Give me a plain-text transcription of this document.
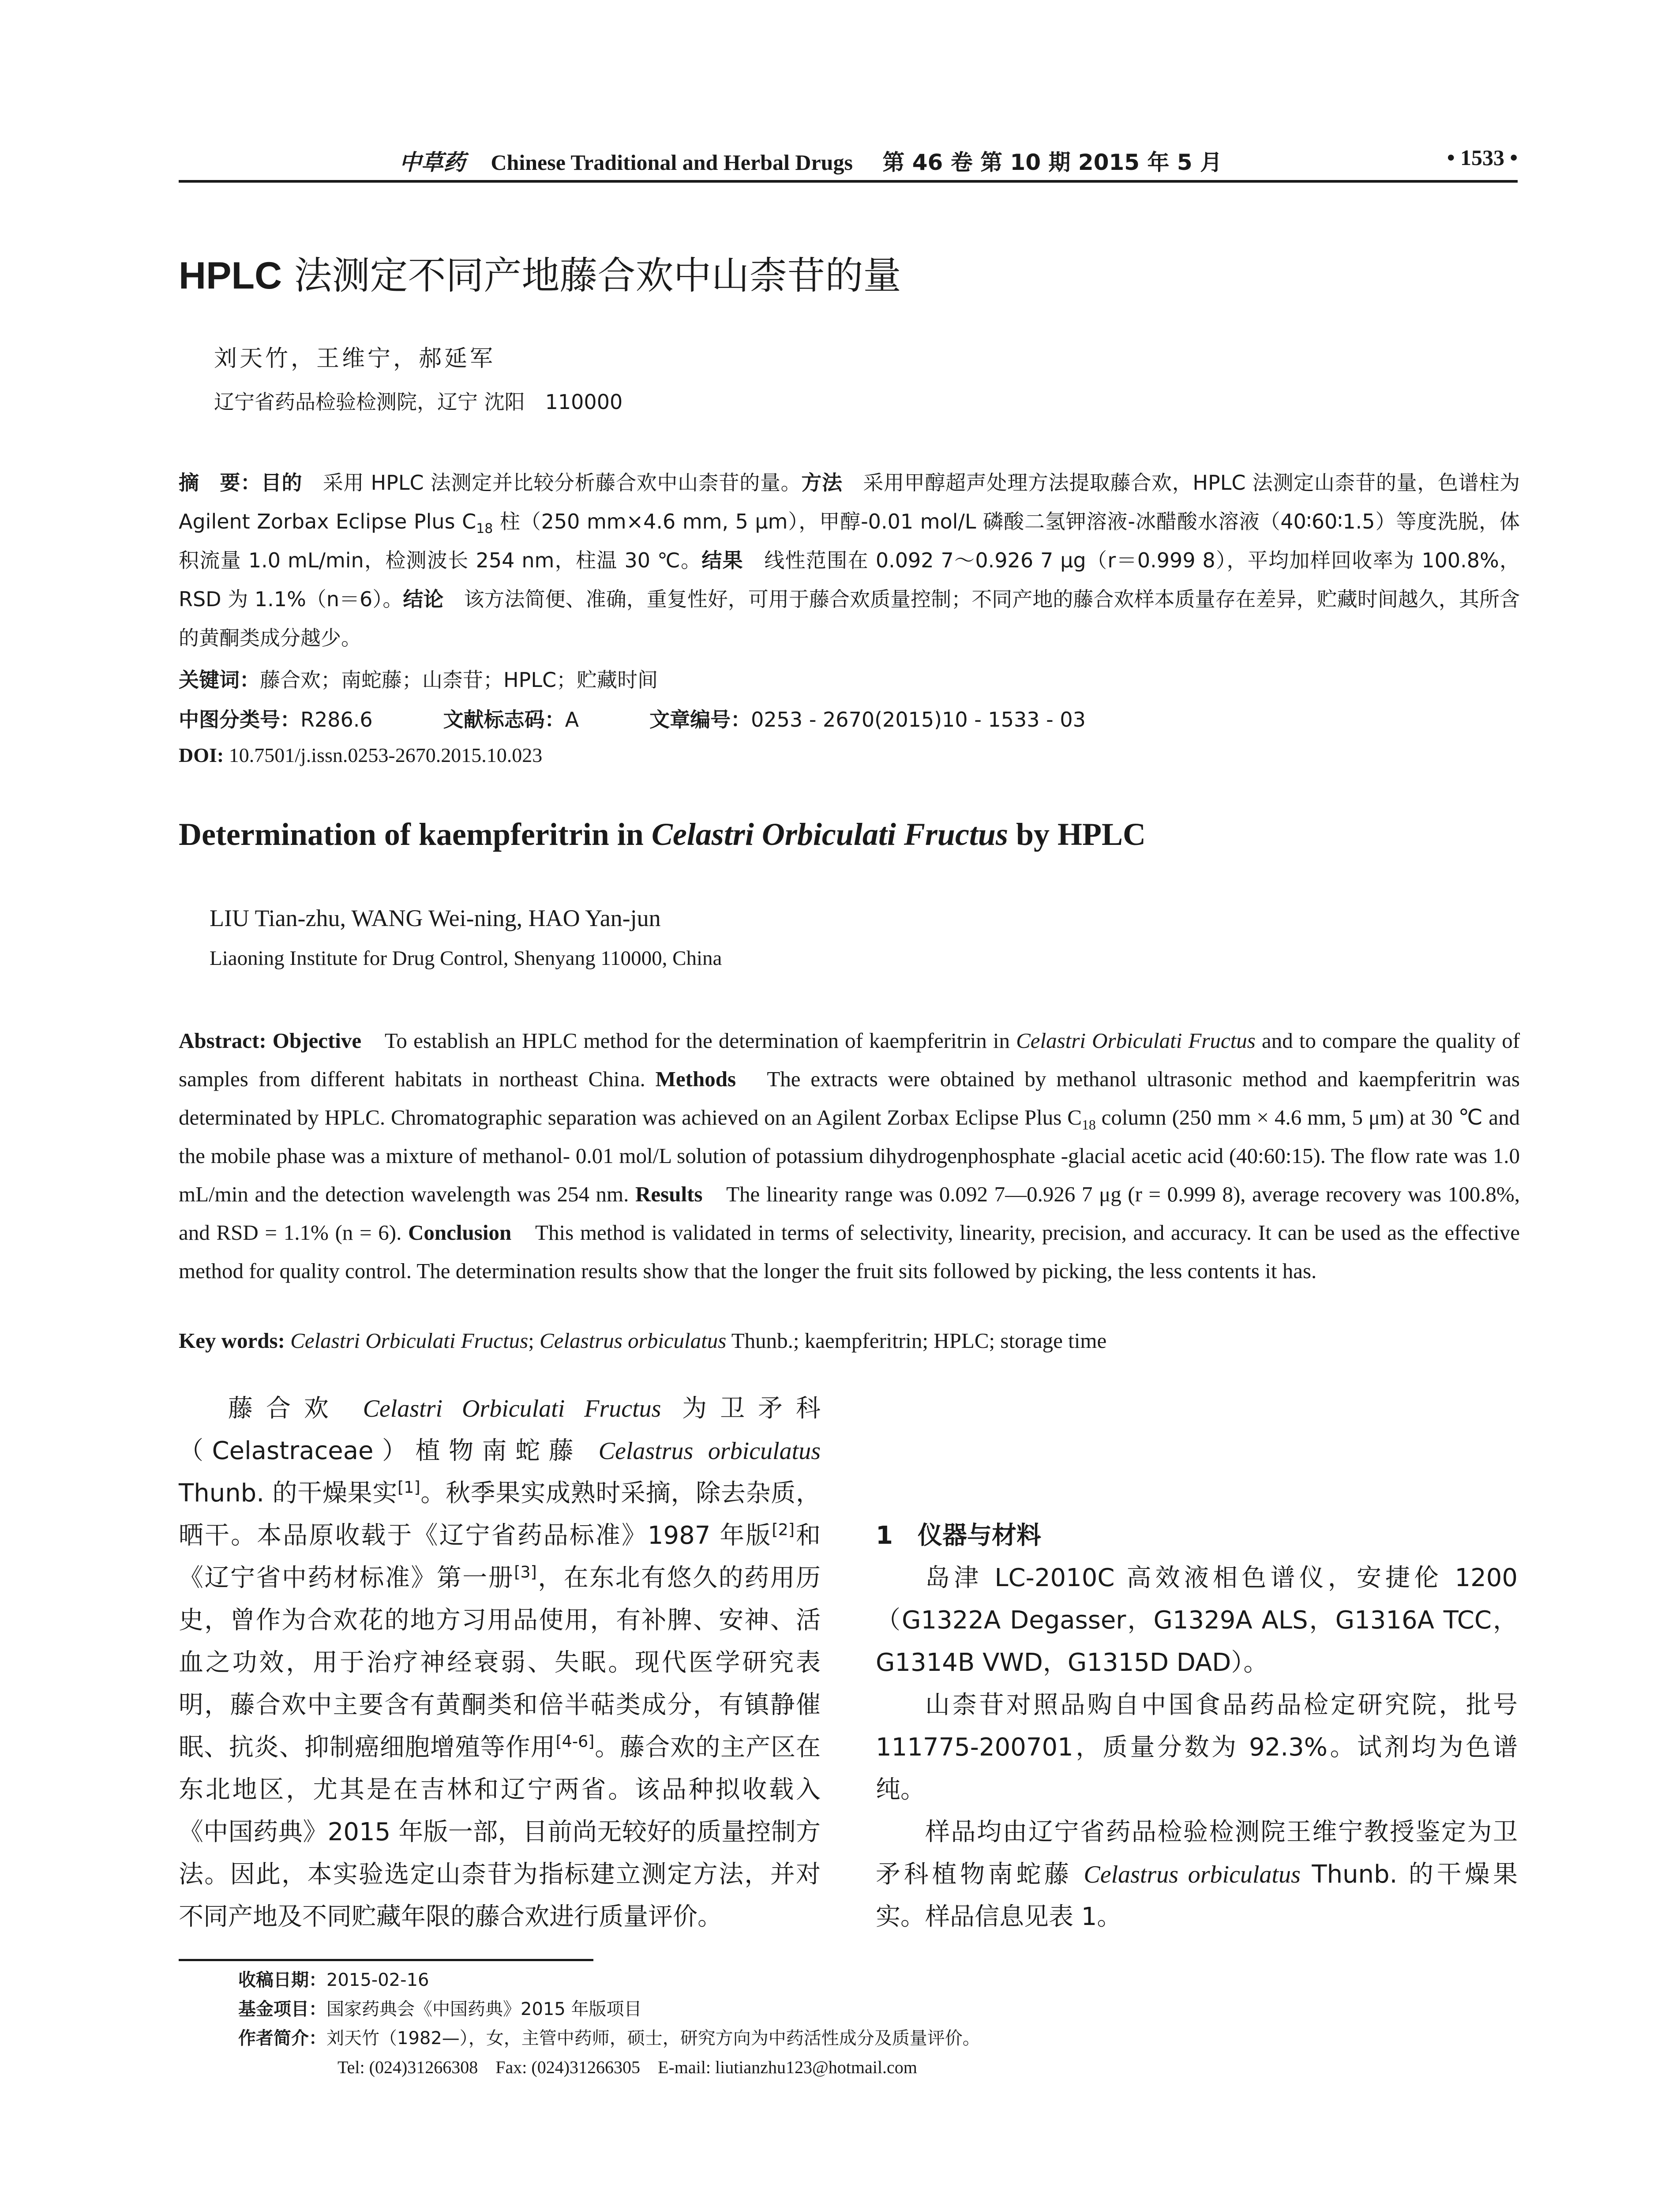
中草药 Chinese Traditional and Herbal Drugs 第 46 卷 第 10 期 2015 年 5 月	• 1533 •
HPLC 法测定不同产地藤合欢中山柰苷的量
刘天竹，王维宁，郝延军
辽宁省药品检验检测院，辽宁 沈阳　110000
摘　要：目的　采用 HPLC 法测定并比较分析藤合欢中山柰苷的量。方法　采用甲醇超声处理方法提取藤合欢，HPLC 法测定山柰苷的量，色谱柱为 Agilent Zorbax Eclipse Plus $C_{18}$ 柱（250 mm×4.6 mm, 5 μm），甲醇-0.01 mol/L 磷酸二氢钾溶液-冰醋酸水溶液（40∶60∶1.5）等度洗脱，体积流量 1.0 mL/min，检测波长 254 nm，柱温 30 ℃。结果　线性范围在 0.092 7～0.926 7 μg（r＝0.999 8），平均加样回收率为 100.8%，RSD 为 1.1%（n＝6）。结论　该方法简便、准确，重复性好，可用于藤合欢质量控制；不同产地的藤合欢样本质量存在差异，贮藏时间越久，其所含的黄酮类成分越少。
关键词：藤合欢；南蛇藤；山柰苷；HPLC；贮藏时间
中图分类号：R286.6	文献标志码：A	文章编号：0253 - 2670(2015)10 - 1533 - 03
DOI: 10.7501/j.issn.0253-2670.2015.10.023
Determination of kaempferitrin in Celastri Orbiculati Fructus by HPLC
LIU Tian-zhu, WANG Wei-ning, HAO Yan-jun
Liaoning Institute for Drug Control, Shenyang 110000, China
Abstract: Objective　To establish an HPLC method for the determination of kaempferitrin in Celastri Orbiculati Fructus and to compare the quality of samples from different habitats in northeast China. Methods　The extracts were obtained by methanol ultrasonic method and kaempferitrin was determinated by HPLC. Chromatographic separation was achieved on an Agilent Zorbax Eclipse Plus $C_{18}$ column (250 mm × 4.6 mm, 5 μm) at 30 ℃ and the mobile phase was a mixture of methanol- 0.01 mol/L solution of potassium dihydrogenphosphate -glacial acetic acid (40:60:15). The flow rate was 1.0 mL/min and the detection wavelength was 254 nm. Results　The linearity range was 0.092 7—0.926 7 μg (r = 0.999 8), average recovery was 100.8%, and RSD = 1.1% (n = 6). Conclusion　This method is validated in terms of selectivity, linearity, precision, and accuracy. It can be used as the effective method for quality control. The determination results show that the longer the fruit sits followed by picking, the less contents it has.
Key words: Celastri Orbiculati Fructus; Celastrus orbiculatus Thunb.; kaempferitrin; HPLC; storage time

藤合欢 Celastri Orbiculati Fructus 为卫矛科（Celastraceae）植物南蛇藤 Celastrus orbiculatus Thunb. 的干燥果实[1]。秋季果实成熟时采摘，除去杂质，晒干。本品原收载于《辽宁省药品标准》1987 年版[2]和《辽宁省中药材标准》第一册[3]，在东北有悠久的药用历史，曾作为合欢花的地方习用品使用，有补脾、安神、活血之功效，用于治疗神经衰弱、失眠。现代医学研究表明，藤合欢中主要含有黄酮类和倍半萜类成分，有镇静催眠、抗炎、抑制癌细胞增殖等作用[4-6]。藤合欢的主产区在东北地区，尤其是在吉林和辽宁两省。该品种拟收载入《中国药典》2015 年版一部，目前尚无较好的质量控制方法。因此，本实验选定山柰苷为指标建立测定方法，并对不同产地及不同贮藏年限的藤合欢进行质量评价。

1　仪器与材料

岛津 LC-2010C 高效液相色谱仪，安捷伦 1200（G1322A Degasser，G1329A ALS，G1316A TCC，G1314B VWD，G1315D DAD）。

山柰苷对照品购自中国食品药品检定研究院，批号 111775-200701，质量分数为 92.3%。试剂均为色谱纯。

样品均由辽宁省药品检验检测院王维宁教授鉴定为卫矛科植物南蛇藤 Celastrus orbiculatus Thunb. 的干燥果实。样品信息见表 1。

收稿日期：2015-02-16
基金项目：国家药典会《中国药典》2015 年版项目
作者简介：刘天竹（1982—），女，主管中药师，硕士，研究方向为中药活性成分及质量评价。
Tel: (024)31266308　Fax: (024)31266305　E-mail: liutianzhu123@hotmail.com
